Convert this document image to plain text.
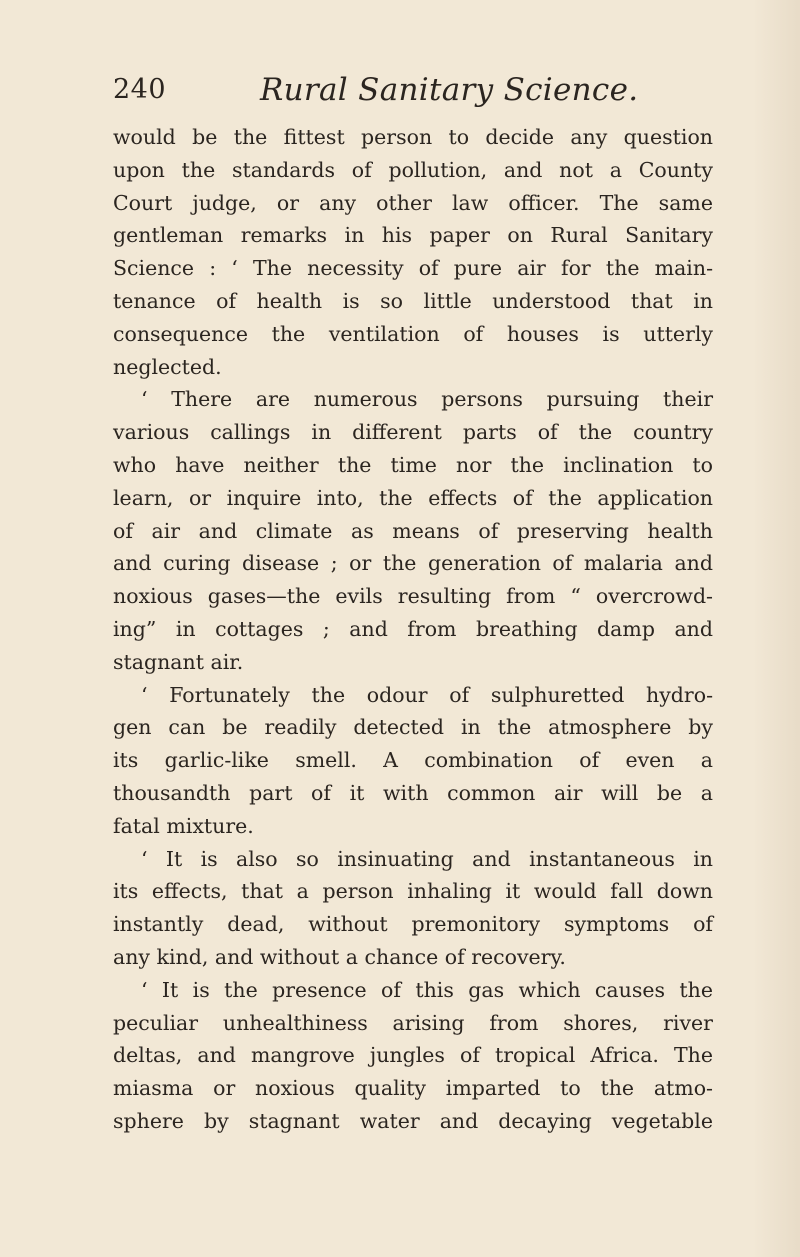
240	Rural Sanitary Science.
would be the fittest person to decide any question
upon the standards of pollution, and not a County
Court judge, or any other law officer. The same
gentleman remarks in his paper on Rural Sanitary
Science : ‘ The necessity of pure air for the main-
tenance of health is so little understood that in
consequence the ventilation of houses is utterly
neglected.
‘ There are numerous persons pursuing their
various callings in different parts of the country
who have neither the time nor the inclination to
learn, or inquire into, the effects of the application
of air and climate as means of preserving health
and curing disease ; or the generation of malaria and
noxious gases—the evils resulting from “ overcrowd-
ing” in cottages ; and from breathing damp and
stagnant air.
‘ Fortunately the odour of sulphuretted hydro-
gen can be readily detected in the atmosphere by
its garlic-like smell. A combination of even a
thousandth part of it with common air will be a
fatal mixture.
‘ It is also so insinuating and instantaneous in
its effects, that a person inhaling it would fall down
instantly dead, without premonitory symptoms of
any kind, and without a chance of recovery.
‘ It is the presence of this gas which causes the
peculiar unhealthiness arising from shores, river
deltas, and mangrove jungles of tropical Africa. The
miasma or noxious quality imparted to the atmo-
sphere by stagnant water and decaying vegetable
